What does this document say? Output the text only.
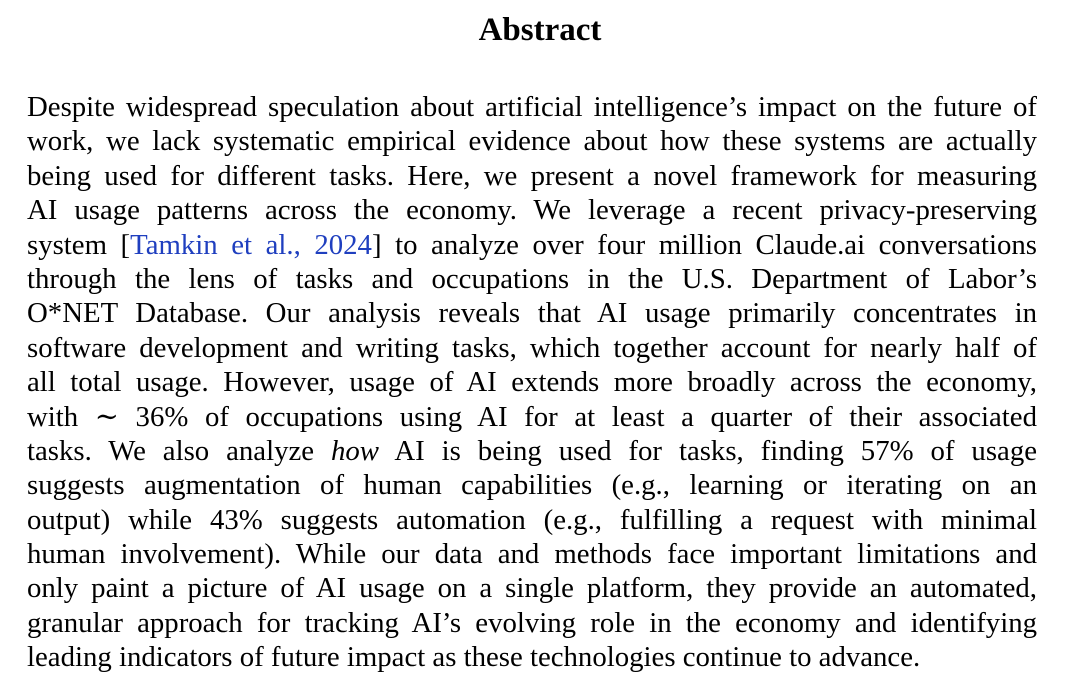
Abstract
Despite widespread speculation about artificial intelligence’s impact on the future of
work, we lack systematic empirical evidence about how these systems are actually
being used for different tasks. Here, we present a novel framework for measuring
AI usage patterns across the economy. We leverage a recent privacy-preserving
system [Tamkin et al., 2024] to analyze over four million Claude.ai conversations
through the lens of tasks and occupations in the U.S. Department of Labor’s
O*NET Database. Our analysis reveals that AI usage primarily concentrates in
software development and writing tasks, which together account for nearly half of
all total usage. However, usage of AI extends more broadly across the economy,
with ∼ 36% of occupations using AI for at least a quarter of their associated
tasks. We also analyze how AI is being used for tasks, finding 57% of usage
suggests augmentation of human capabilities (e.g., learning or iterating on an
output) while 43% suggests automation (e.g., fulfilling a request with minimal
human involvement). While our data and methods face important limitations and
only paint a picture of AI usage on a single platform, they provide an automated,
granular approach for tracking AI’s evolving role in the economy and identifying
leading indicators of future impact as these technologies continue to advance.
